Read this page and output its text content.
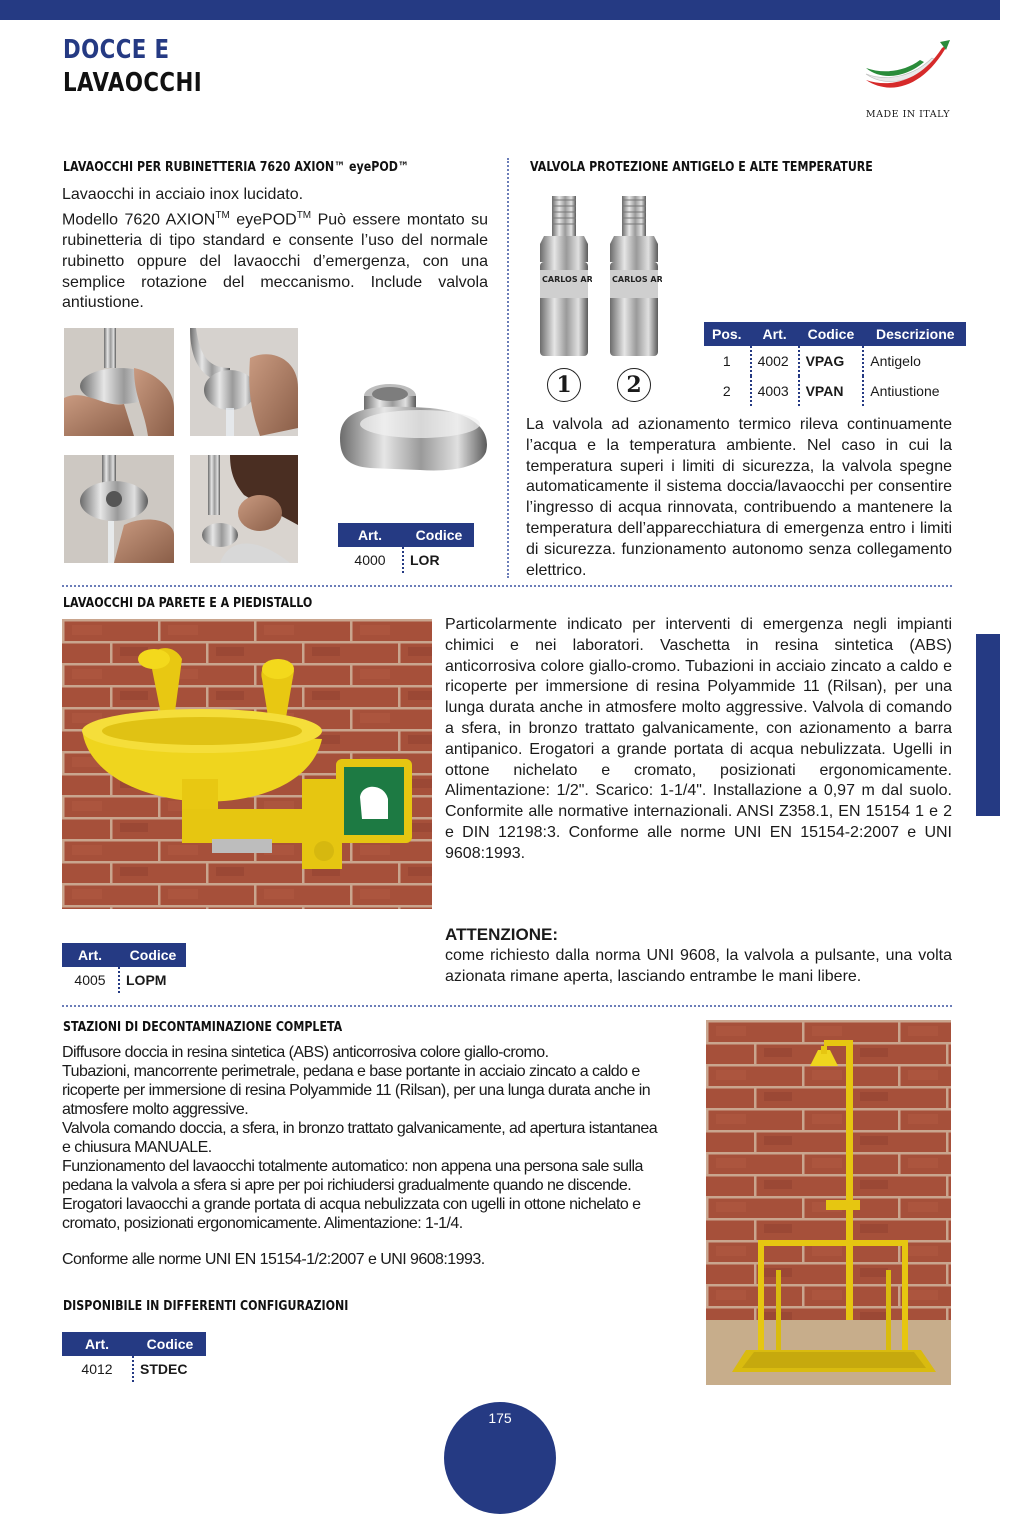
DOCCE E
LAVAOCCHI
MADE IN ITALY
LAVAOCCHI PER RUBINETTERIA 7620 AXION™ eyePOD™
Lavaocchi in acciaio inox lucidato.
Modello 7620 AXION™ eyePOD™ Può essere montato su rubinetteria di tipo standard e consente l’uso del normale rubinetto oppure del lavaocchi d’emergenza, con una semplice rotazione del meccanismo. Include valvola antiustione.
Art.	Codice
4000	LOR
VALVOLA PROTEZIONE ANTIGELO E ALTE TEMPERATURE
CARLOS ARI CARLOS ARI
1	2
Pos.	Art.	Codice	Descrizione
1	4002	VPAG	Antigelo
2	4003	VPAN	Antiustione
La valvola ad azionamento termico rileva continuamente l’acqua e la temperatura ambiente. Nel caso in cui la temperatura superi i limiti di sicurezza, la valvola spegne automaticamente il sistema doccia/lavaocchi per consentire l’ingresso di acqua rinnovata, contribuendo a mantenere la temperatura dell’apparecchiatura di emergenza entro i limiti di sicurezza. funzionamento autonomo senza collegamento elettrico.
LAVAOCCHI DA PARETE E A PIEDISTALLO
Particolarmente indicato per interventi di emergenza negli impianti chimici e nei laboratori. Vaschetta in resina sintetica (ABS) anticorrosiva colore giallo-cromo. Tubazioni in acciaio zincato a caldo e ricoperte per immersione di resina Polyammide 11 (Rilsan), per una lunga durata anche in atmosfere molto aggressive. Valvola di comando a sfera, in bronzo trattato galvanicamente, con azionamento a barra antipanico. Erogatori a grande portata di acqua nebulizzata. Ugelli in ottone nichelato e cromato, posizionati ergonomicamente. Alimentazione: 1/2". Scarico: 1-1/4". Installazione a 0,97 m dal suolo. Conformite alle normative internazionali. ANSI Z358.1, EN 15154 1 e 2 e DIN 12198:3. Conforme alle norme UNI EN 15154-2:2007 e UNI 9608:1993.
ATTENZIONE:
come richiesto dalla norma UNI 9608, la valvola a pulsante, una volta azionata rimane aperta, lasciando entrambe le mani libere.
Art.	Codice
4005	LOPM
STAZIONI DI DECONTAMINAZIONE COMPLETA
Diffusore doccia in resina sintetica (ABS) anticorrosiva colore giallo-cromo.
Tubazioni, mancorrente perimetrale, pedana e base portante in acciaio zincato a caldo e ricoperte per immersione di resina Polyammide 11 (Rilsan), per una lunga durata anche in atmosfere molto aggressive.
Valvola comando doccia, a sfera, in bronzo trattato galvanicamente, ad apertura istantanea e chiusura MANUALE.
Funzionamento del lavaocchi totalmente automatico: non appena una persona sale sulla pedana la valvola a sfera si apre per poi richiudersi gradualmente quando ne discende.
Erogatori lavaocchi a grande portata di acqua nebulizzata con ugelli in ottone nichelato e cromato, posizionati ergonomicamente. Alimentazione: 1-1/4.
Conforme alle norme UNI EN 15154-1/2:2007 e UNI 9608:1993.
DISPONIBILE IN DIFFERENTI CONFIGURAZIONI
Art.	Codice
4012	STDEC
175
